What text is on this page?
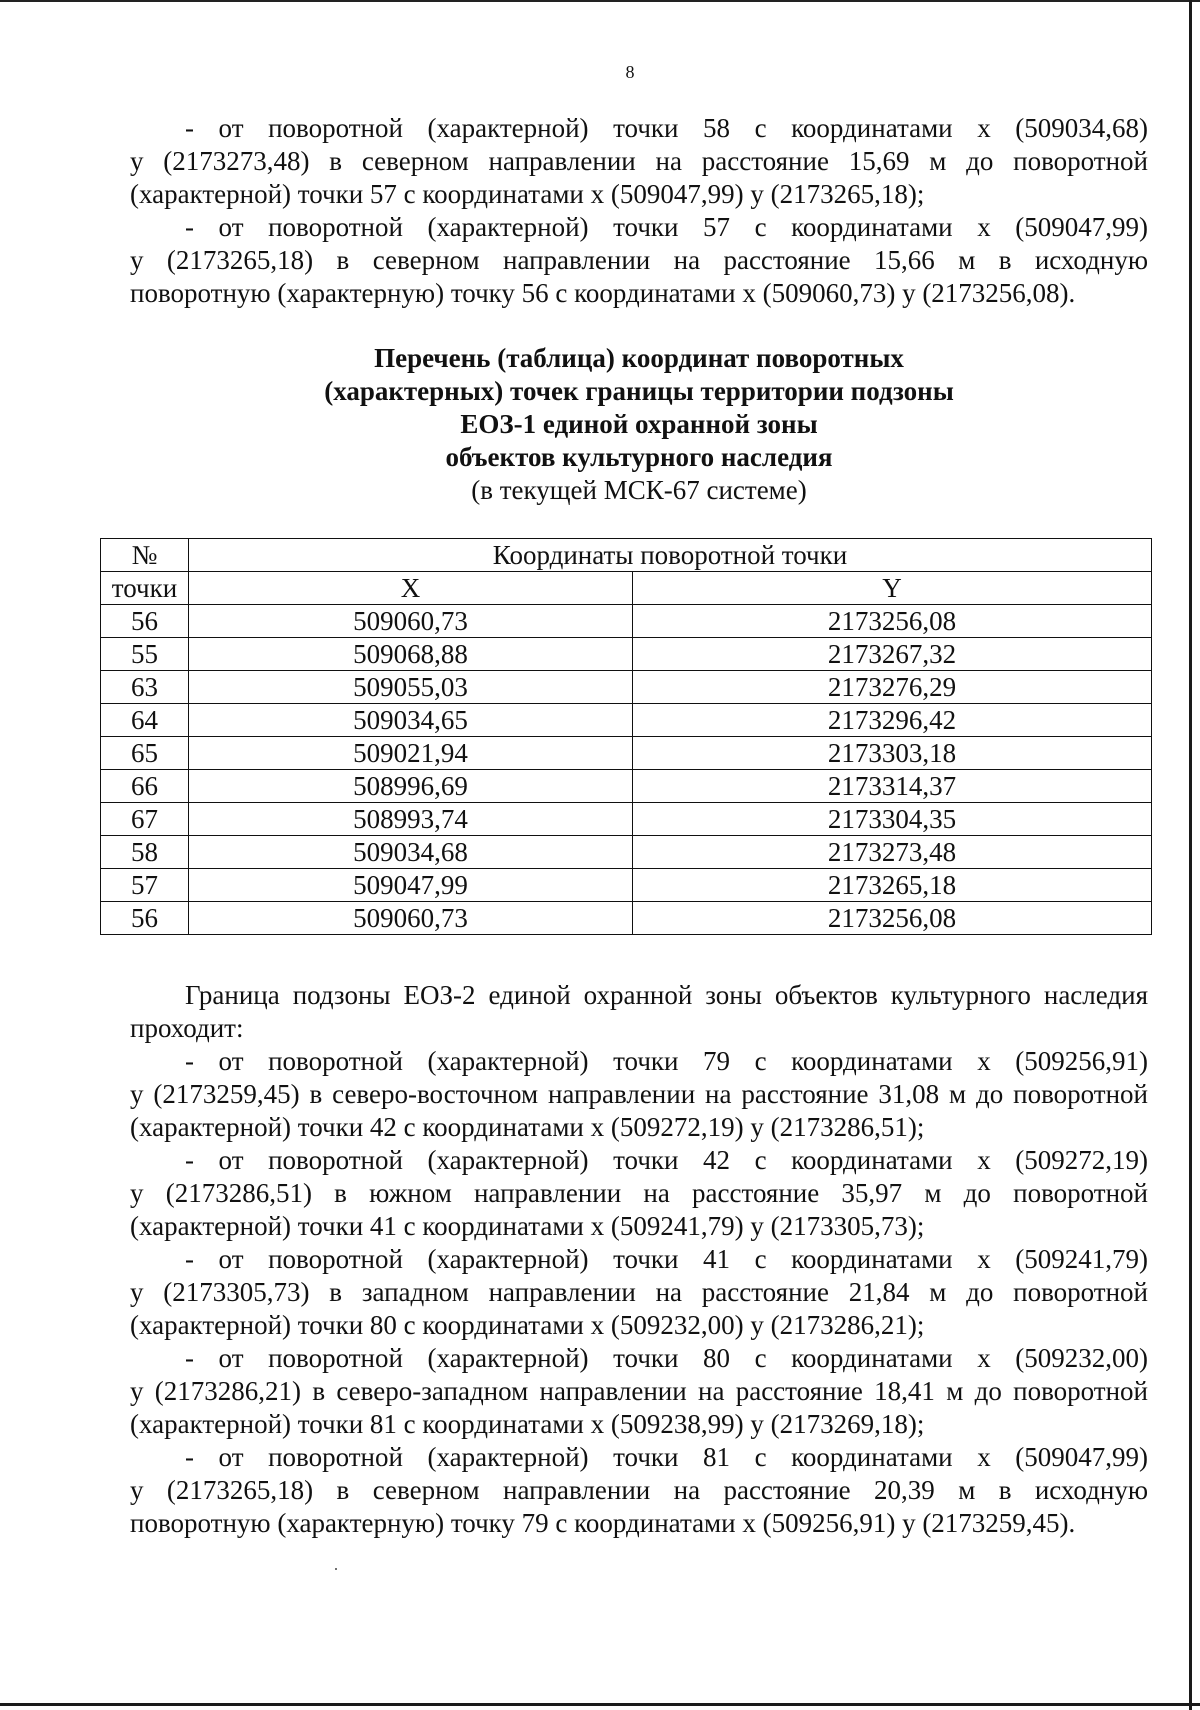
8
- от поворотной (характерной) точки 58 с координатами х (509034,68)
у (2173273,48) в северном направлении на расстояние 15,69 м до поворотной
(характерной) точки 57 с координатами х (509047,99) у (2173265,18);
- от поворотной (характерной) точки 57 с координатами х (509047,99)
у (2173265,18) в северном направлении на расстояние 15,66 м в исходную
поворотную (характерную) точку 56 с координатами х (509060,73) у (2173256,08).
Перечень (таблица) координат поворотных
(характерных) точек границы территории подзоны
ЕОЗ-1 единой охранной зоны
объектов культурного наследия
(в текущей МСК-67 системе)
№	Координаты поворотной точки	
точки	X	Y
56	509060,73	2173256,08
55	509068,88	2173267,32
63	509055,03	2173276,29
64	509034,65	2173296,42
65	509021,94	2173303,18
66	508996,69	2173314,37
67	508993,74	2173304,35
58	509034,68	2173273,48
57	509047,99	2173265,18
56	509060,73	2173256,08
Граница подзоны ЕОЗ-2 единой охранной зоны объектов культурного наследия
проходит:
- от поворотной (характерной) точки 79 с координатами х (509256,91)
у (2173259,45) в северо-восточном направлении на расстояние 31,08 м до поворотной
(характерной) точки 42 с координатами х (509272,19) у (2173286,51);
- от поворотной (характерной) точки 42 с координатами х (509272,19)
у (2173286,51) в южном направлении на расстояние 35,97 м до поворотной
(характерной) точки 41 с координатами х (509241,79) у (2173305,73);
- от поворотной (характерной) точки 41 с координатами х (509241,79)
у (2173305,73) в западном направлении на расстояние 21,84 м до поворотной
(характерной) точки 80 с координатами х (509232,00) у (2173286,21);
- от поворотной (характерной) точки 80 с координатами х (509232,00)
у (2173286,21) в северо-западном направлении на расстояние 18,41 м до поворотной
(характерной) точки 81 с координатами х (509238,99) у (2173269,18);
- от поворотной (характерной) точки 81 с координатами х (509047,99)
у (2173265,18) в северном направлении на расстояние 20,39 м в исходную
поворотную (характерную) точку 79 с координатами х (509256,91) у (2173259,45).
